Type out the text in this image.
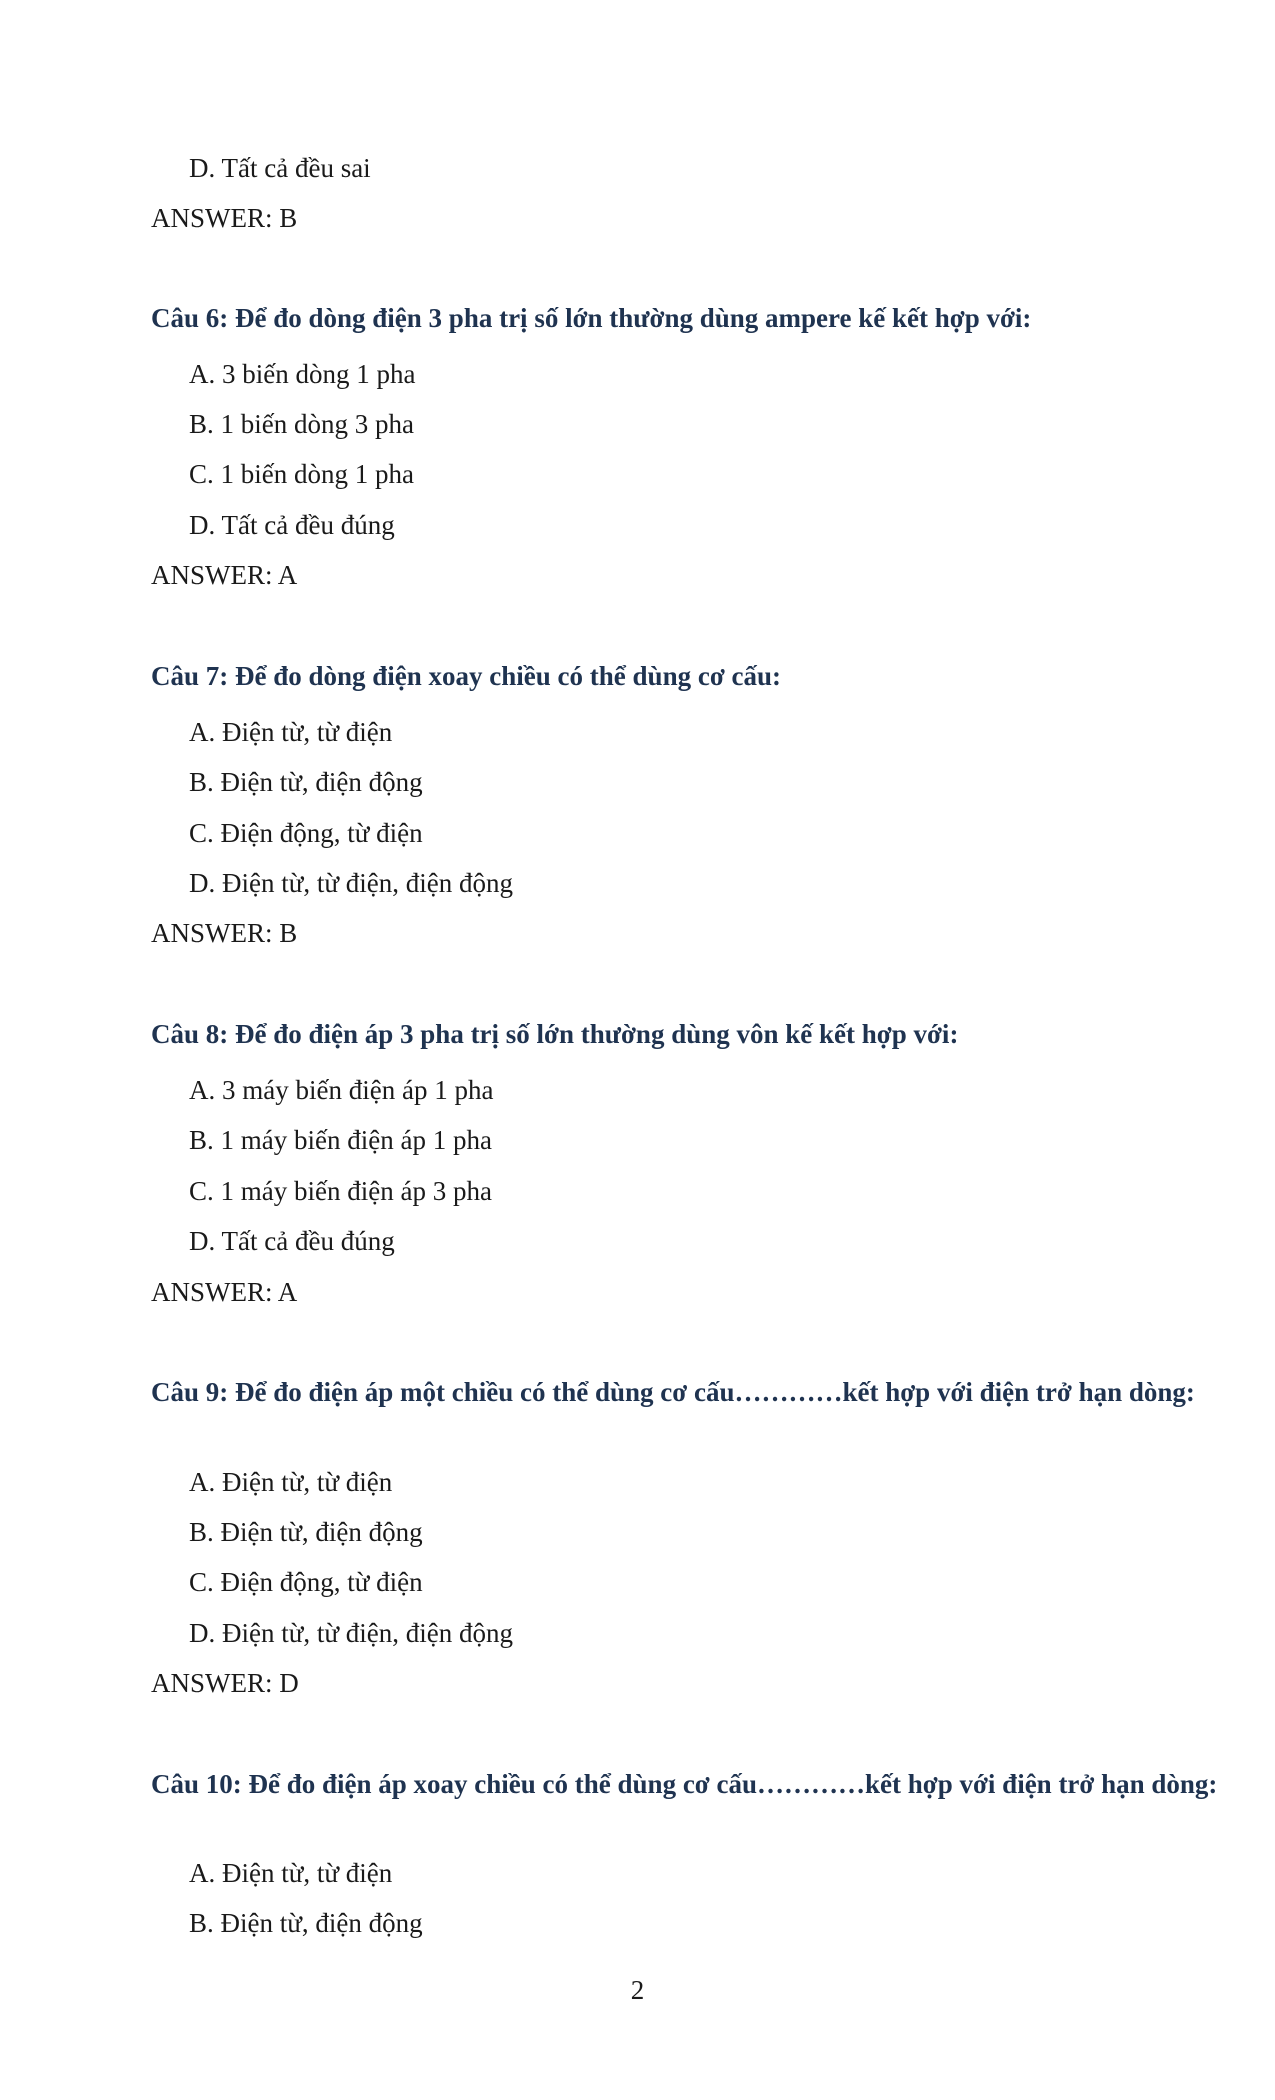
D. Tất cả đều sai
ANSWER: B
Câu 6: Để đo dòng điện 3 pha trị số lớn thường dùng ampere kế kết hợp với:
A. 3 biến dòng 1 pha
B. 1 biến dòng 3 pha
C. 1 biến dòng 1 pha
D. Tất cả đều đúng
ANSWER: A
Câu 7: Để đo dòng điện xoay chiều có thể dùng cơ cấu:
A. Điện từ, từ điện
B. Điện từ, điện động
C. Điện động, từ điện
D. Điện từ, từ điện, điện động
ANSWER: B
Câu 8: Để đo điện áp 3 pha trị số lớn thường dùng vôn kế kết hợp với:
A. 3 máy biến điện áp 1 pha
B. 1 máy biến điện áp 1 pha
C. 1 máy biến điện áp 3 pha
D. Tất cả đều đúng
ANSWER: A
Câu 9: Để đo điện áp một chiều có thể dùng cơ cấu…………kết hợp với điện trở hạn dòng:
A. Điện từ, từ điện
B. Điện từ, điện động
C. Điện động, từ điện
D. Điện từ, từ điện, điện động
ANSWER: D
Câu 10: Để đo điện áp xoay chiều có thể dùng cơ cấu…………kết hợp với điện trở hạn dòng:
A. Điện từ, từ điện
B. Điện từ, điện động
2
